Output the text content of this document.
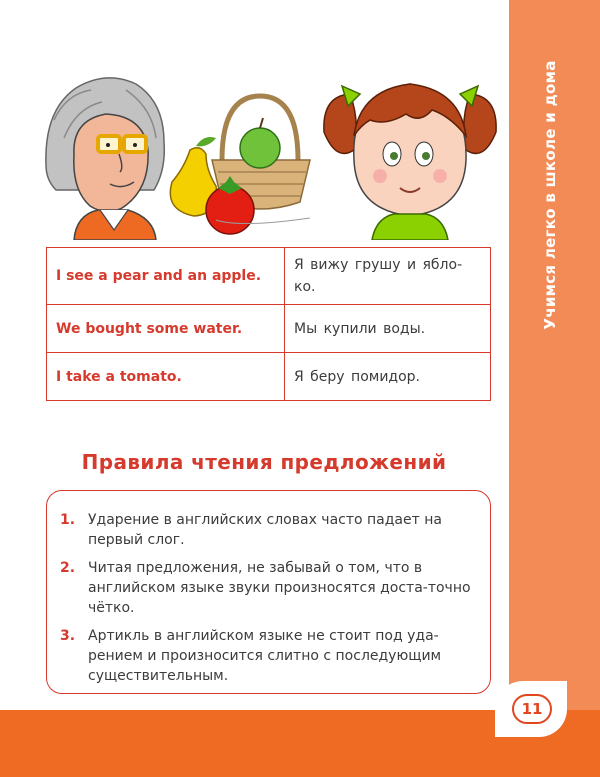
Учимся легко в школе и дома
I see a pear and an apple.	Я вижу грушу и ябло-
ко.
We bought some water.	Мы купили воды.
I take a tomato.	Я беру помидор.
Правила чтения предложений
1. Ударение в английских словах часто падает на первый слог.
2. Читая предложения, не забывай о том, что в английском языке звуки произносятся доста-точно чётко.
3. Артикль в английском языке не стоит под уда-рением и произносится слитно с последующим существительным.
11
